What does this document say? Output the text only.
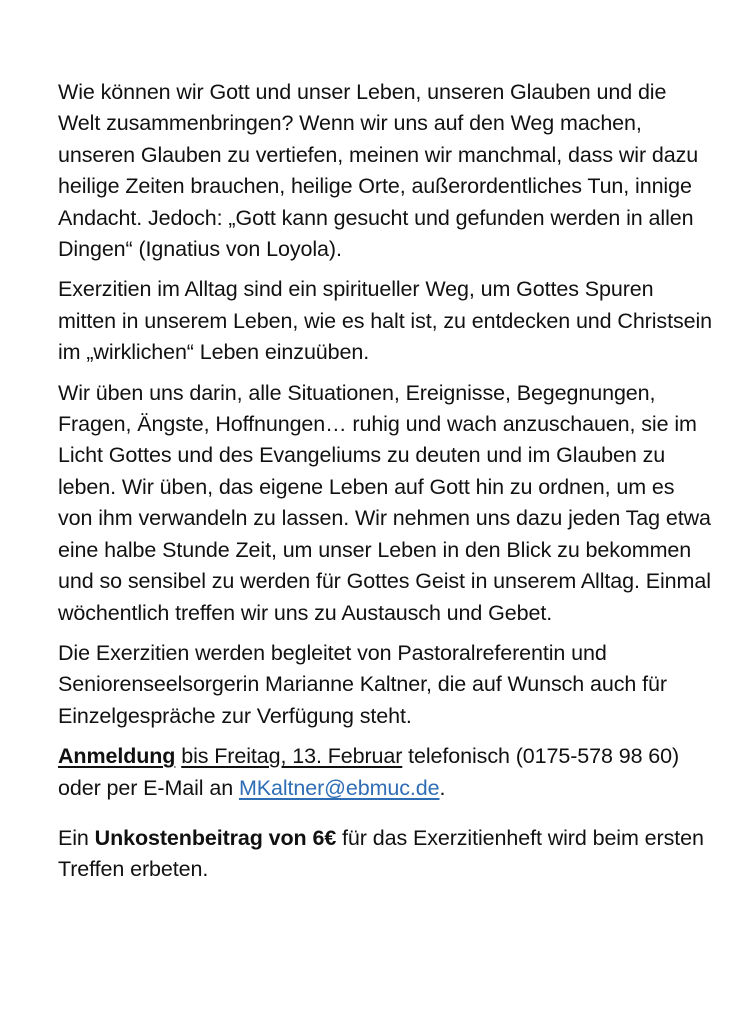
Wie können wir Gott und unser Leben, unseren Glauben und die Welt zusammenbringen? Wenn wir uns auf den Weg machen, unseren Glauben zu vertiefen, meinen wir manchmal, dass wir dazu heilige Zeiten brauchen, heilige Orte, außerordentliches Tun, innige Andacht. Jedoch: „Gott kann gesucht und gefunden werden in allen Dingen“ (Ignatius von Loyola).

Exerzitien im Alltag sind ein spiritueller Weg, um Gottes Spuren mitten in unserem Leben, wie es halt ist, zu entdecken und Christsein im „wirklichen“ Leben einzuüben.

Wir üben uns darin, alle Situationen, Ereignisse, Begegnungen, Fragen, Ängste, Hoffnungen… ruhig und wach anzuschauen, sie im Licht Gottes und des Evangeliums zu deuten und im Glauben zu leben. Wir üben, das eigene Leben auf Gott hin zu ordnen, um es von ihm verwandeln zu lassen. Wir nehmen uns dazu jeden Tag etwa eine halbe Stunde Zeit, um unser Leben in den Blick zu bekommen und so sensibel zu werden für Gottes Geist in unserem Alltag. Einmal wöchentlich treffen wir uns zu Austausch und Gebet.

Die Exerzitien werden begleitet von Pastoralreferentin und Seniorenseelsorgerin Marianne Kaltner, die auf Wunsch auch für Einzelgespräche zur Verfügung steht.

Anmeldung bis Freitag, 13. Februar telefonisch (0175-578 98 60) oder per E-Mail an MKaltner@ebmuc.de.

Ein Unkostenbeitrag von 6€ für das Exerzitienheft wird beim ersten Treffen erbeten.
